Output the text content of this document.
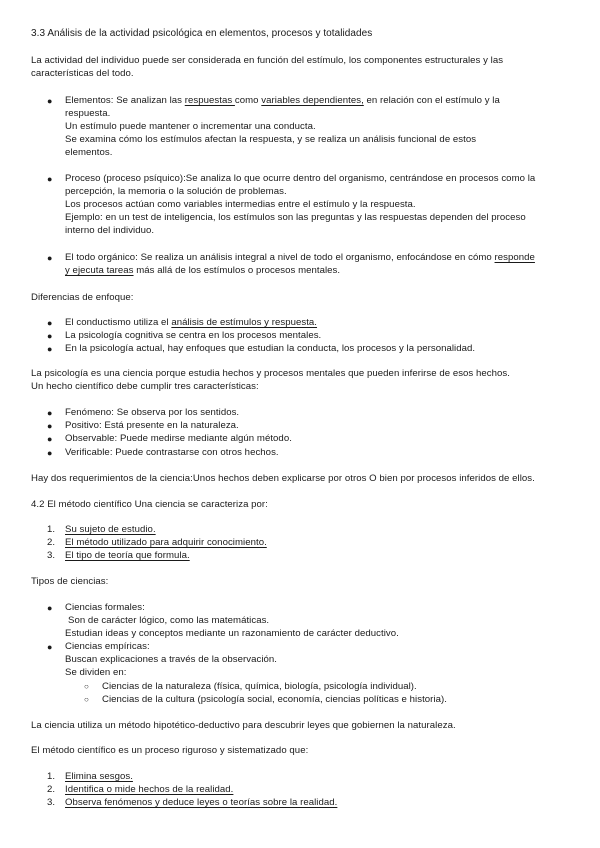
3.3 Análisis de la actividad psicológica en elementos, procesos y totalidades
La actividad del individuo puede ser considerada en función del estímulo, los componentes estructurales y las
características del todo.
● Elementos: Se analizan las respuestas como variables dependientes, en relación con el estímulo y la
respuesta.
Un estímulo puede mantener o incrementar una conducta.
Se examina cómo los estímulos afectan la respuesta, y se realiza un análisis funcional de estos
elementos.
● Proceso (proceso psíquico):Se analiza lo que ocurre dentro del organismo, centrándose en procesos como la
percepción, la memoria o la solución de problemas.
Los procesos actúan como variables intermedias entre el estímulo y la respuesta.
Ejemplo: en un test de inteligencia, los estímulos son las preguntas y las respuestas dependen del proceso
interno del individuo.
● El todo orgánico: Se realiza un análisis integral a nivel de todo el organismo, enfocándose en cómo responde
y ejecuta tareas más allá de los estímulos o procesos mentales.
Diferencias de enfoque:
● El conductismo utiliza el análisis de estímulos y respuesta.
● La psicología cognitiva se centra en los procesos mentales.
● En la psicología actual, hay enfoques que estudian la conducta, los procesos y la personalidad.
La psicología es una ciencia porque estudia hechos y procesos mentales que pueden inferirse de esos hechos.
Un hecho científico debe cumplir tres características:
● Fenómeno: Se observa por los sentidos.
● Positivo: Está presente en la naturaleza.
● Observable: Puede medirse mediante algún método.
● Verificable: Puede contrastarse con otros hechos.
Hay dos requerimientos de la ciencia:Unos hechos deben explicarse por otros O bien por procesos inferidos de ellos.
4.2 El método científico Una ciencia se caracteriza por:
1. Su sujeto de estudio.
2. El método utilizado para adquirir conocimiento.
3. El tipo de teoría que formula.
Tipos de ciencias:
● Ciencias formales:
Son de carácter lógico, como las matemáticas.
Estudian ideas y conceptos mediante un razonamiento de carácter deductivo.
● Ciencias empíricas:
Buscan explicaciones a través de la observación.
Se dividen en:
○ Ciencias de la naturaleza (física, química, biología, psicología individual).
○ Ciencias de la cultura (psicología social, economía, ciencias políticas e historia).
La ciencia utiliza un método hipotético-deductivo para descubrir leyes que gobiernen la naturaleza.
El método científico es un proceso riguroso y sistematizado que:
1. Elimina sesgos.
2. Identifica o mide hechos de la realidad.
3. Observa fenómenos y deduce leyes o teorías sobre la realidad.
